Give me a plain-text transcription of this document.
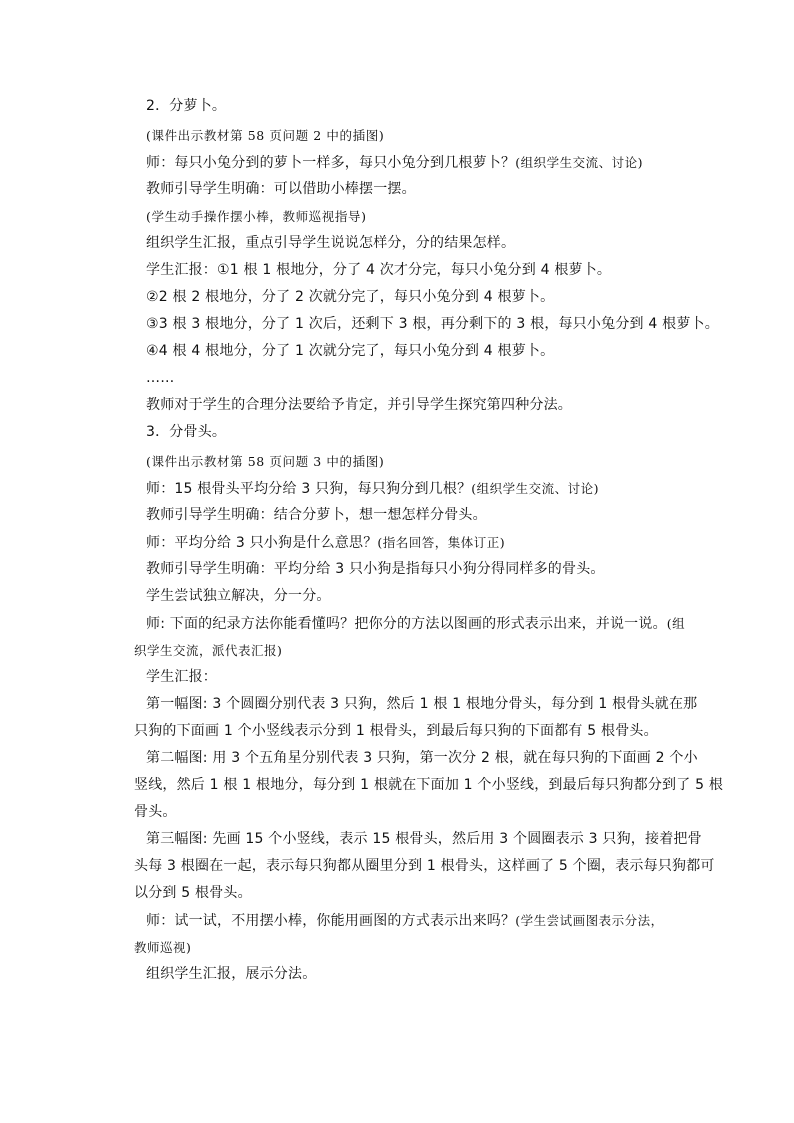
2．分萝卜。
(课件出示教材第 58 页问题 2 中的插图)
师：每只小兔分到的萝卜一样多，每只小兔分到几根萝卜？(组织学生交流、讨论)
教师引导学生明确：可以借助小棒摆一摆。
(学生动手操作摆小棒，教师巡视指导)
组织学生汇报，重点引导学生说说怎样分，分的结果怎样。
学生汇报：①1 根 1 根地分，分了 4 次才分完，每只小兔分到 4 根萝卜。
②2 根 2 根地分，分了 2 次就分完了，每只小兔分到 4 根萝卜。
③3 根 3 根地分，分了 1 次后，还剩下 3 根，再分剩下的 3 根，每只小兔分到 4 根萝卜。
④4 根 4 根地分，分了 1 次就分完了，每只小兔分到 4 根萝卜。
……
教师对于学生的合理分法要给予肯定，并引导学生探究第四种分法。
3．分骨头。
(课件出示教材第 58 页问题 3 中的插图)
师：15 根骨头平均分给 3 只狗，每只狗分到几根？(组织学生交流、讨论)
教师引导学生明确：结合分萝卜，想一想怎样分骨头。
师：平均分给 3 只小狗是什么意思？(指名回答，集体订正)
教师引导学生明确：平均分给 3 只小狗是指每只小狗分得同样多的骨头。
学生尝试独立解决，分一分。
师: 下面的纪录方法你能看懂吗？把你分的方法以图画的形式表示出来，并说一说。(组
织学生交流，派代表汇报)
学生汇报：
第一幅图: 3 个圆圈分别代表 3 只狗，然后 1 根 1 根地分骨头，每分到 1 根骨头就在那
只狗的下面画 1 个小竖线表示分到 1 根骨头，到最后每只狗的下面都有 5 根骨头。
第二幅图: 用 3 个五角星分别代表 3 只狗，第一次分 2 根，就在每只狗的下面画 2 个小
竖线，然后 1 根 1 根地分，每分到 1 根就在下面加 1 个小竖线，到最后每只狗都分到了 5 根
骨头。
第三幅图: 先画 15 个小竖线，表示 15 根骨头，然后用 3 个圆圈表示 3 只狗，接着把骨
头每 3 根圈在一起，表示每只狗都从圈里分到 1 根骨头，这样画了 5 个圈，表示每只狗都可
以分到 5 根骨头。
师：试一试，不用摆小棒，你能用画图的方式表示出来吗？(学生尝试画图表示分法，
教师巡视)
组织学生汇报，展示分法。
